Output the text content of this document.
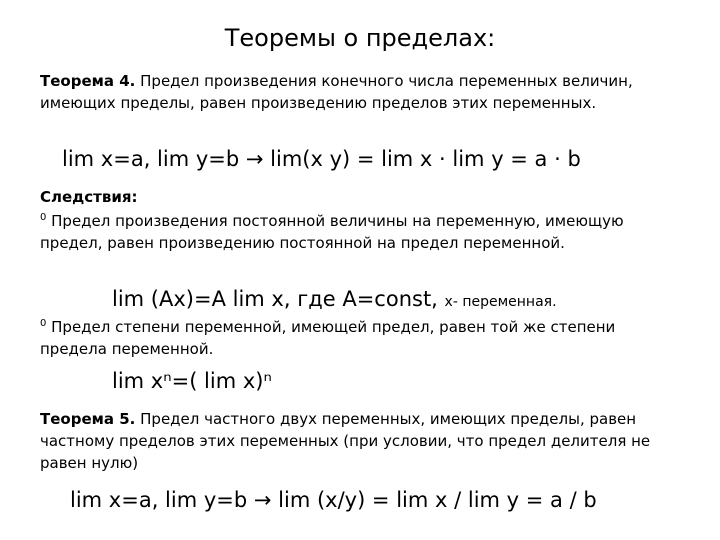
Теоремы о пределах:
Теорема 4. Предел произведения конечного числа переменных величин, имеющих пределы, равен произведению пределов этих переменных.
lim x=a, lim y=b → lim(x y) = lim x · lim y = a · b
Следствия:
$^0$ Предел произведения постоянной величины на переменную, имеющую предел, равен произведению постоянной на предел переменной.
lim (Ax)=A lim x, где A=const, x- переменная.
$^0$ Предел степени переменной, имеющей предел, равен той же степени предела переменной.
lim xⁿ=( lim x)ⁿ
Теорема 5. Предел частного двух переменных, имеющих пределы, равен частному пределов этих переменных (при условии, что предел делителя не равен нулю)
lim x=a, lim y=b → lim (x/y) = lim x / lim y = a / b
